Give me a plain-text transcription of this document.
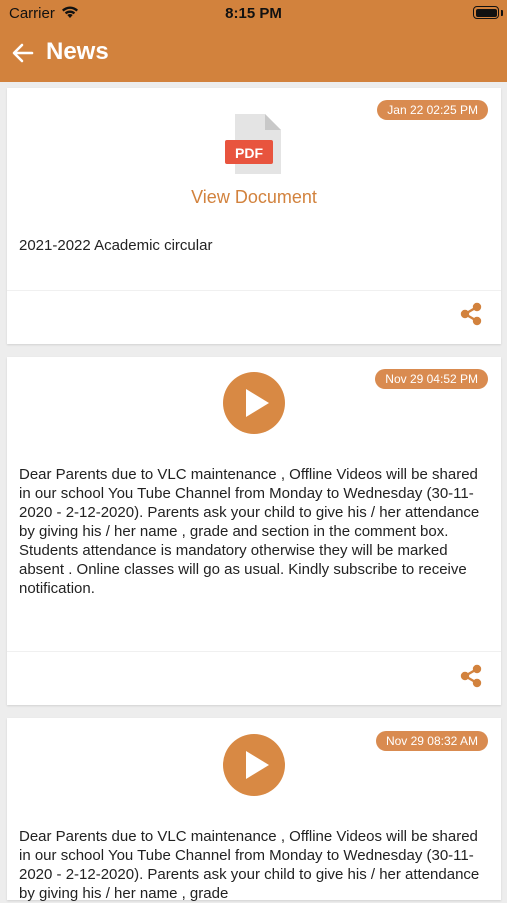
Carrier	8:15 PM
News
Jan 22 02:25 PM
PDF
View Document
2021-2022 Academic circular
Nov 29 04:52 PM
Dear Parents due to VLC maintenance , Offline Videos will be shared in our school You Tube Channel from Monday to Wednesday (30-11-2020 - 2-12-2020). Parents ask your child to give his / her attendance by giving his / her name , grade and section in the comment box. Students attendance is mandatory otherwise they will be marked absent . Online classes will go as usual. Kindly subscribe to receive notification.
Nov 29 08:32 AM
Dear Parents due to VLC maintenance , Offline Videos will be shared in our school You Tube Channel from Monday to Wednesday (30-11-2020 - 2-12-2020). Parents ask your child to give his / her attendance by giving his / her name , grade
